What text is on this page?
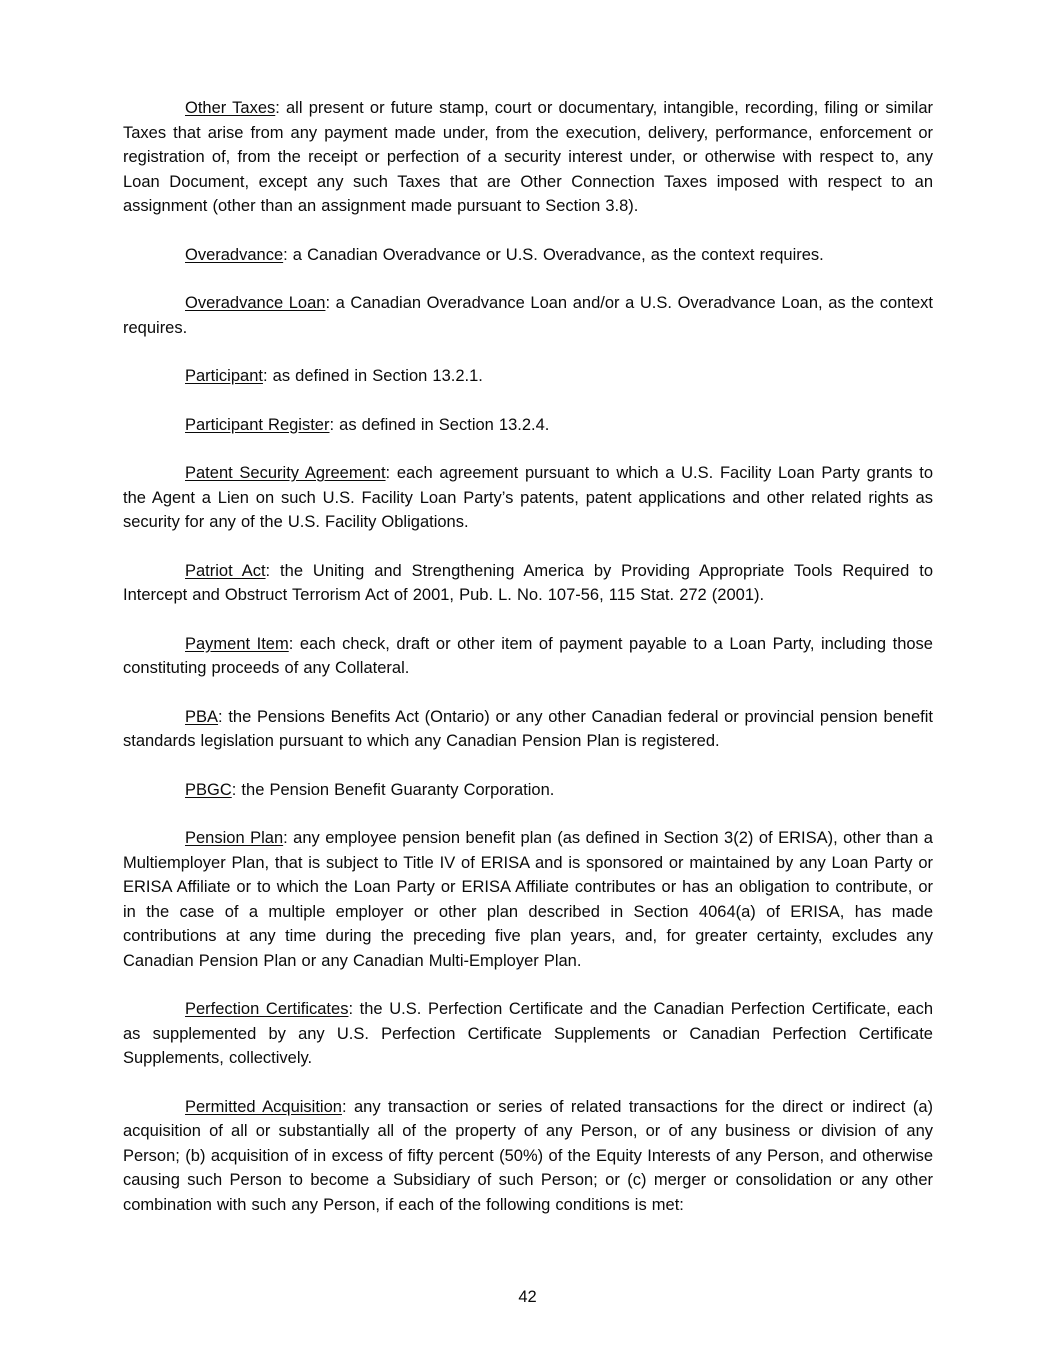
Other Taxes: all present or future stamp, court or documentary, intangible, recording, filing or similar Taxes that arise from any payment made under, from the execution, delivery, performance, enforcement or registration of, from the receipt or perfection of a security interest under, or otherwise with respect to, any Loan Document, except any such Taxes that are Other Connection Taxes imposed with respect to an assignment (other than an assignment made pursuant to Section 3.8).

Overadvance: a Canadian Overadvance or U.S. Overadvance, as the context requires.

Overadvance Loan: a Canadian Overadvance Loan and/or a U.S. Overadvance Loan, as the context requires.

Participant: as defined in Section 13.2.1.

Participant Register: as defined in Section 13.2.4.

Patent Security Agreement: each agreement pursuant to which a U.S. Facility Loan Party grants to the Agent a Lien on such U.S. Facility Loan Party’s patents, patent applications and other related rights as security for any of the U.S. Facility Obligations.

Patriot Act: the Uniting and Strengthening America by Providing Appropriate Tools Required to Intercept and Obstruct Terrorism Act of 2001, Pub. L. No. 107-56, 115 Stat. 272 (2001).

Payment Item: each check, draft or other item of payment payable to a Loan Party, including those constituting proceeds of any Collateral.

PBA: the Pensions Benefits Act (Ontario) or any other Canadian federal or provincial pension benefit standards legislation pursuant to which any Canadian Pension Plan is registered.

PBGC: the Pension Benefit Guaranty Corporation.

Pension Plan: any employee pension benefit plan (as defined in Section 3(2) of ERISA), other than a Multiemployer Plan, that is subject to Title IV of ERISA and is sponsored or maintained by any Loan Party or ERISA Affiliate or to which the Loan Party or ERISA Affiliate contributes or has an obligation to contribute, or in the case of a multiple employer or other plan described in Section 4064(a) of ERISA, has made contributions at any time during the preceding five plan years, and, for greater certainty, excludes any Canadian Pension Plan or any Canadian Multi-Employer Plan.

Perfection Certificates: the U.S. Perfection Certificate and the Canadian Perfection Certificate, each as supplemented by any U.S. Perfection Certificate Supplements or Canadian Perfection Certificate Supplements, collectively.

Permitted Acquisition: any transaction or series of related transactions for the direct or indirect (a) acquisition of all or substantially all of the property of any Person, or of any business or division of any Person; (b) acquisition of in excess of fifty percent (50%) of the Equity Interests of any Person, and otherwise causing such Person to become a Subsidiary of such Person; or (c) merger or consolidation or any other combination with such any Person, if each of the following conditions is met:

42
